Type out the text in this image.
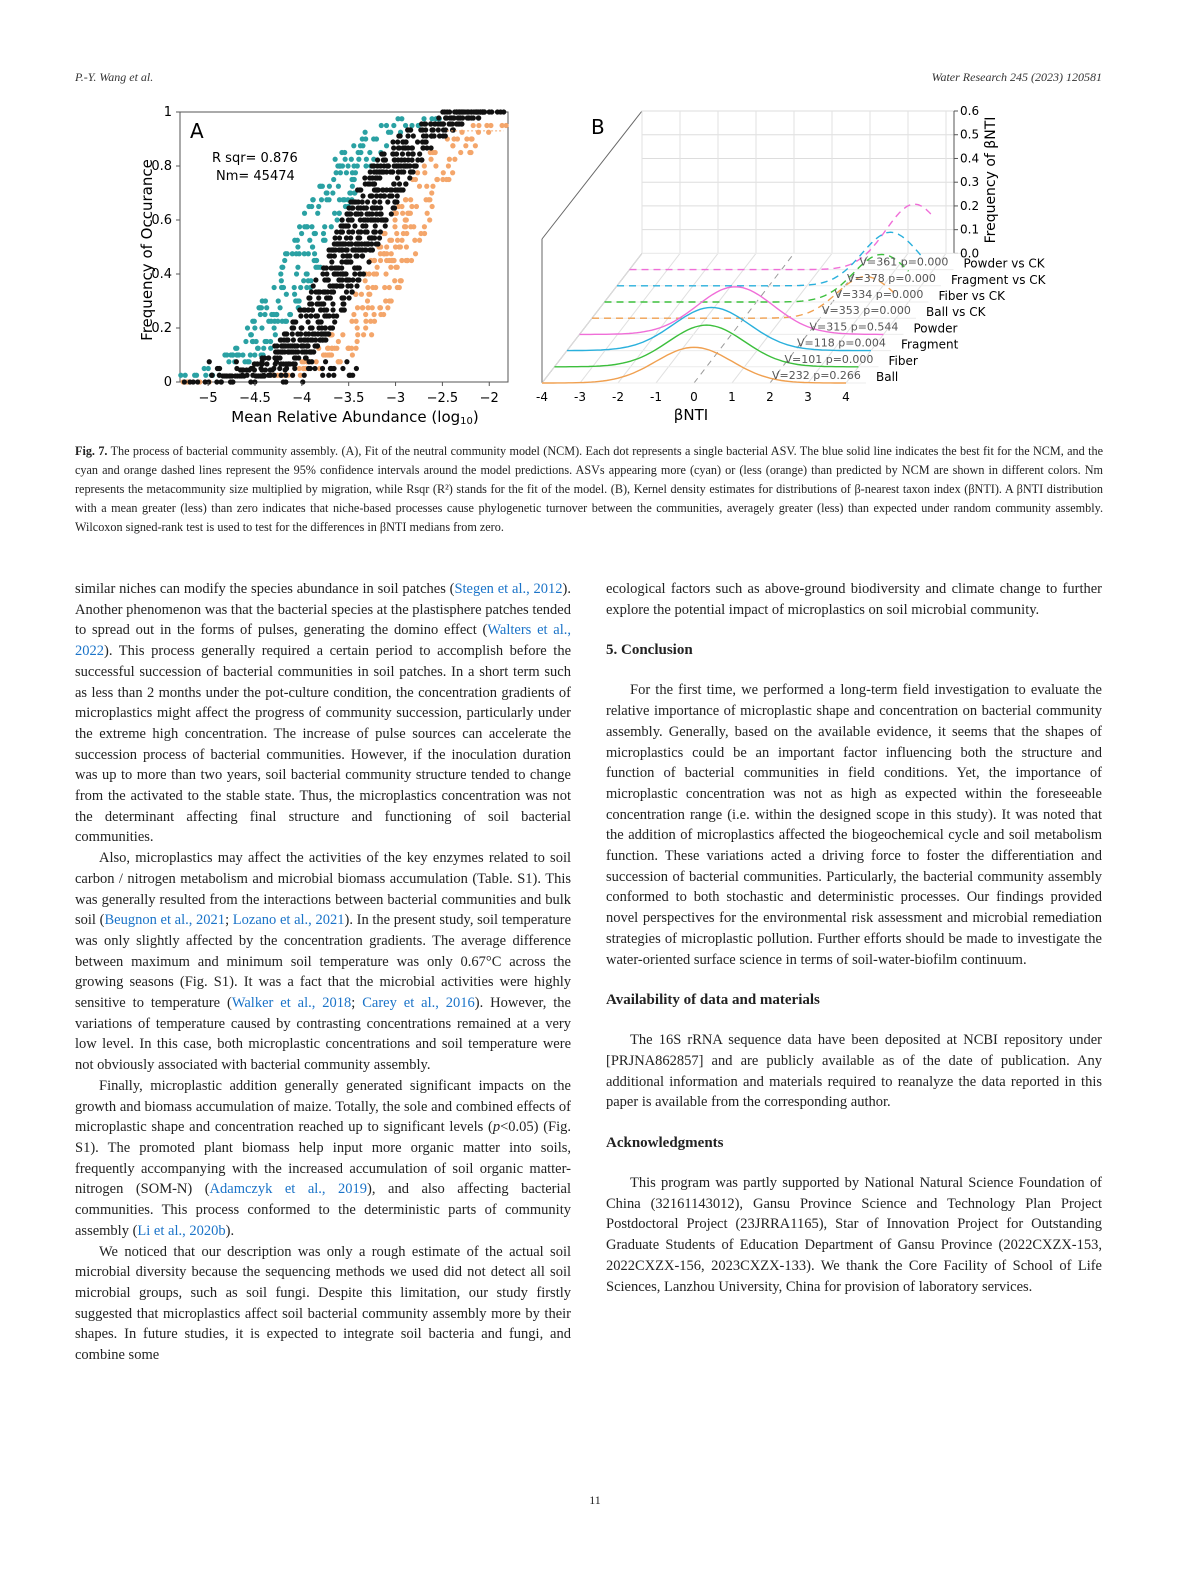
P.-Y. Wang et al.	Water Research 245 (2023) 120581
0
0.2
0.4
0.6
0.8
1
−5 −4.5 −4 −3.5 −3 −2.5 −2
A
R sqr= 0.876
Nm= 45474
Frequency of Occurance
Mean Relative Abundance (log10)
0.0
0.1
0.2
0.3
0.4
0.5
0.6
-4 -3 -2 -1 0	1	2	3	4
Powder vs CK
V=361 p=0.000
Fragment vs CK
V=378 p=0.000
Fiber vs CK
V=334 p=0.000
Ball vs CK
V=353 p=0.000
Powder
V=315 p=0.544
Fragment
V=118 p=0.004
Fiber
V=101 p=0.000
Ball
V=232 p=0.266
B	Frequency of βNTI
βNTI
Fig. 7. The process of bacterial community assembly. (A), Fit of the neutral community model (NCM). Each dot represents a single bacterial ASV. The blue solid line indicates the best fit for the NCM, and the cyan and orange dashed lines represent the 95% confidence intervals around the model predictions. ASVs appearing more (cyan) or (less (orange) than predicted by NCM are shown in different colors. Nm represents the metacommunity size multiplied by migration, while Rsqr (R²) stands for the fit of the model. (B), Kernel density estimates for distributions of β-nearest taxon index (βNTI). A βNTI distribution with a mean greater (less) than zero indicates that niche-based processes cause phylogenetic turnover between the communities, averagely greater (less) than expected under random community assembly. Wilcoxon signed-rank test is used to test for the differences in βNTI medians from zero.

similar niches can modify the species abundance in soil patches (Stegen et al., 2012). Another phenomenon was that the bacterial species at the plastisphere patches tended to spread out in the forms of pulses, generating the domino effect (Walters et al., 2022). This process generally required a certain period to accomplish before the successful succession of bacterial communities in soil patches. In a short term such as less than 2 months under the pot-culture condition, the concentration gradients of microplastics might affect the progress of community succession, particularly under the extreme high concentration. The increase of pulse sources can accelerate the succession process of bacterial communities. However, if the inoculation duration was up to more than two years, soil bacterial community structure tended to change from the activated to the stable state. Thus, the microplastics concentration was not the determinant affecting final structure and functioning of soil bacterial communities.

Also, microplastics may affect the activities of the key enzymes related to soil carbon / nitrogen metabolism and microbial biomass accumulation (Table. S1). This was generally resulted from the interactions between bacterial communities and bulk soil (Beugnon et al., 2021; Lozano et al., 2021). In the present study, soil temperature was only slightly affected by the concentration gradients. The average difference between maximum and minimum soil temperature was only 0.67°C across the growing seasons (Fig. S1). It was a fact that the microbial activities were highly sensitive to temperature (Walker et al., 2018; Carey et al., 2016). However, the variations of temperature caused by contrasting concentrations remained at a very low level. In this case, both microplastic concentrations and soil temperature were not obviously associated with bacterial community assembly.

Finally, microplastic addition generally generated significant impacts on the growth and biomass accumulation of maize. Totally, the sole and combined effects of microplastic shape and concentration reached up to significant levels (p<0.05) (Fig. S1). The promoted plant biomass help input more organic matter into soils, frequently accompanying with the increased accumulation of soil organic matter-nitrogen (SOM-N) (Adamczyk et al., 2019), and also affecting bacterial communities. This process conformed to the deterministic parts of community assembly (Li et al., 2020b).

We noticed that our description was only a rough estimate of the actual soil microbial diversity because the sequencing methods we used did not detect all soil microbial groups, such as soil fungi. Despite this limitation, our study firstly suggested that microplastics affect soil bacterial community assembly more by their shapes. In future studies, it is expected to integrate soil bacteria and fungi, and combine some

ecological factors such as above-ground biodiversity and climate change to further explore the potential impact of microplastics on soil microbial community.

5. Conclusion

For the first time, we performed a long-term field investigation to evaluate the relative importance of microplastic shape and concentration on bacterial community assembly. Generally, based on the available evidence, it seems that the shapes of microplastics could be an important factor influencing both the structure and function of bacterial communities in field conditions. Yet, the importance of microplastic concentration was not as high as expected within the foreseeable concentration range (i.e. within the designed scope in this study). It was noted that the addition of microplastics affected the biogeochemical cycle and soil metabolism function. These variations acted a driving force to foster the differentiation and succession of bacterial communities. Particularly, the bacterial community assembly conformed to both stochastic and deterministic processes. Our findings provided novel perspectives for the environmental risk assessment and microbial remediation strategies of microplastic pollution. Further efforts should be made to investigate the water-oriented surface science in terms of soil-water-biofilm continuum.

Availability of data and materials

The 16S rRNA sequence data have been deposited at NCBI repository under [PRJNA862857] and are publicly available as of the date of publication. Any additional information and materials required to reanalyze the data reported in this paper is available from the corresponding author.

Acknowledgments

This program was partly supported by National Natural Science Foundation of China (32161143012), Gansu Province Science and Technology Plan Project Postdoctoral Project (23JRRA1165), Star of Innovation Project for Outstanding Graduate Students of Education Department of Gansu Province (2022CXZX-153, 2022CXZX-156, 2023CXZX-133). We thank the Core Facility of School of Life Sciences, Lanzhou University, China for provision of laboratory services.

11
